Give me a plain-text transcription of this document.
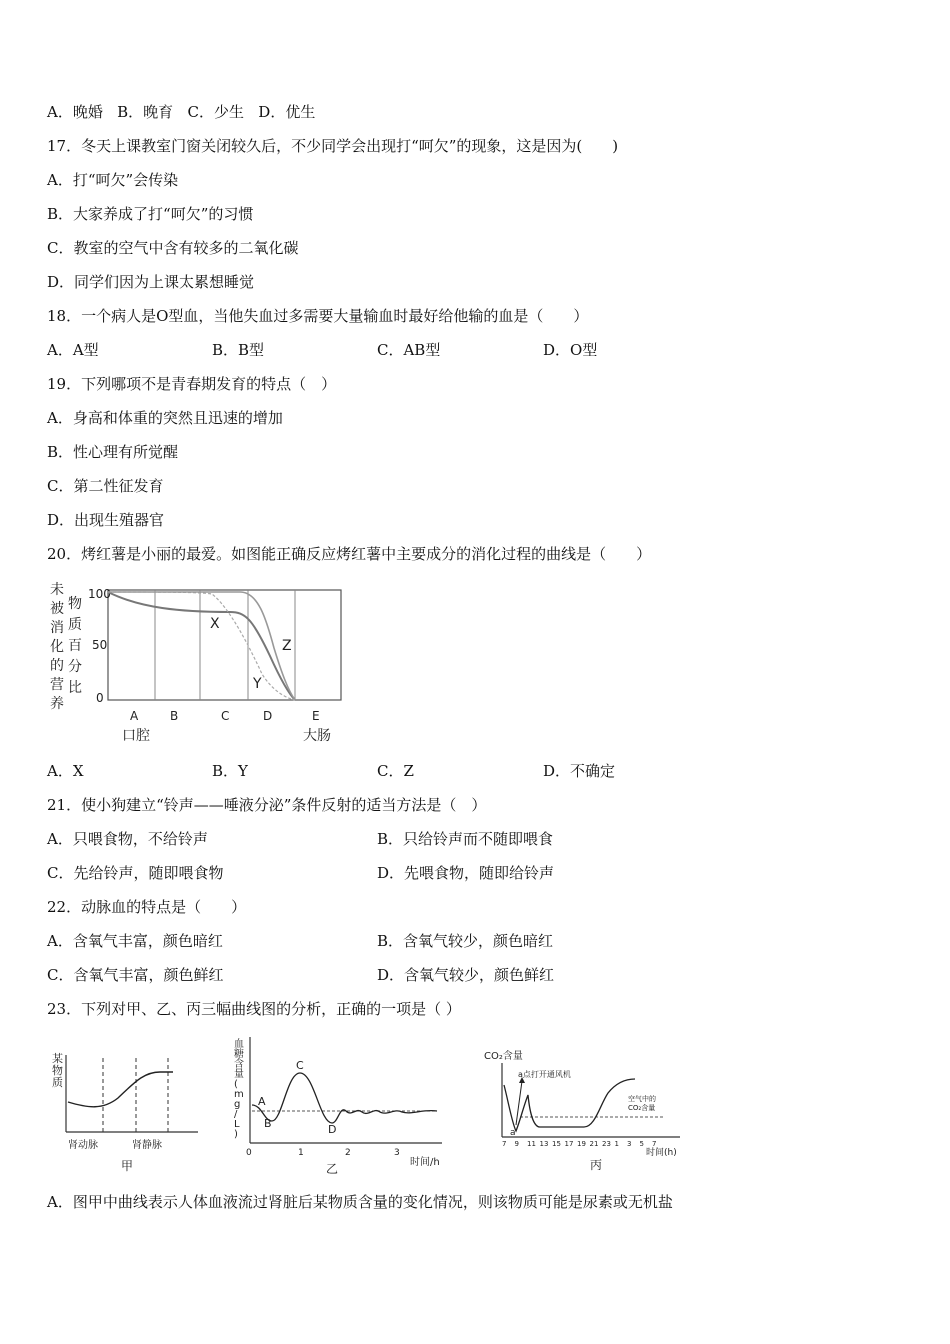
A．晚婚 B．晚育 C．少生 D．优生
17．冬天上课教室门窗关闭较久后，不少同学会出现打“呵欠”的现象，这是因为(　　)
A．打“呵欠”会传染
B．大家养成了打“呵欠”的习惯
C．教室的空气中含有较多的二氧化碳
D．同学们因为上课太累想睡觉
18．一个病人是O型血，当他失血过多需要大量输血时最好给他输的血是（　　）
A．A型	B．B型	C．AB型	D．O型
19．下列哪项不是青春期发育的特点（　）
A．身高和体重的突然且迅速的增加
B．性心理有所觉醒
C．第二性征发育
D．出现生殖器官
20．烤红薯是小丽的最爱。如图能正确反应烤红薯中主要成分的消化过程的曲线是（　　）
未被消化的营养
物质百分比
100
50
0
X
Y
Z
A	B	C	D	E
口腔	大肠
A．X	B．Y	C．Z	D．不确定
21．使小狗建立“铃声——唾液分泌”条件反射的适当方法是（　）
A．只喂食物，不给铃声	B．只给铃声而不随即喂食
C．先给铃声，随即喂食物	D．先喂食物，随即给铃声
22．动脉血的特点是（　　）
A．含氧气丰富，颜色暗红	B．含氧气较少，颜色暗红
C．含氧气丰富，颜色鲜红	D．含氧气较少，颜色鲜红
23．下列对甲、乙、丙三幅曲线图的分析，正确的一项是（ ）
某物质
肾动脉	肾静脉
甲
血糖含量( m g / L )
A
B
C
D
0	1	2	3
时间/h
乙
CO₂含量
a点打开通风机
空气中的
CO₂含量
a
7 9 11 13 15 17 19 21 23 1 3 5 7
时间(h)
丙
A．图甲中曲线表示人体血液流过肾脏后某物质含量的变化情况，则该物质可能是尿素或无机盐
